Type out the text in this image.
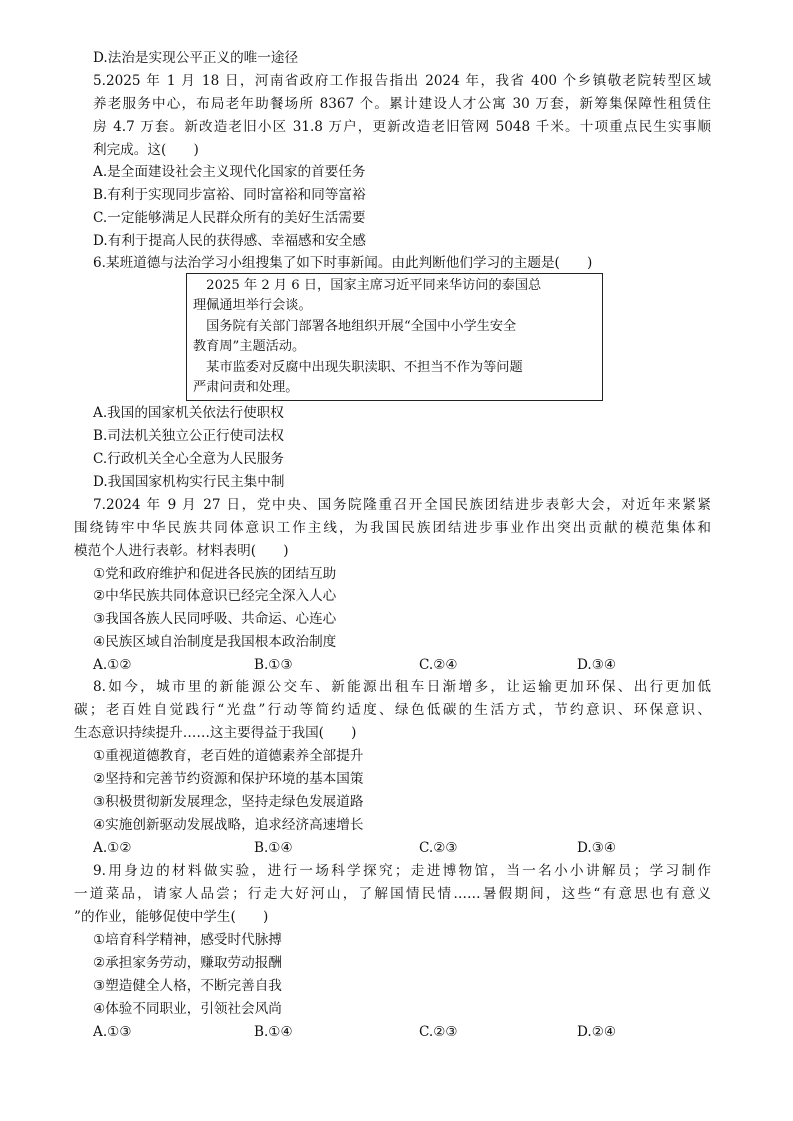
D.法治是实现公平正义的唯一途径
5.2025 年 1 月 18 日，河南省政府工作报告指出 2024 年，我省 400 个乡镇敬老院转型区域
养老服务中心，布局老年助餐场所 8367 个。累计建设人才公寓 30 万套，新筹集保障性租赁住
房 4.7 万套。新改造老旧小区 31.8 万户，更新改造老旧管网 5048 千米。十项重点民生实事顺
利完成。这(　　)
A.是全面建设社会主义现代化国家的首要任务
B.有利于实现同步富裕、同时富裕和同等富裕
C.一定能够满足人民群众所有的美好生活需要
D.有利于提高人民的获得感、幸福感和安全感
6.某班道德与法治学习小组搜集了如下时事新闻。由此判断他们学习的主题是(　　)
　2025 年 2 月 6 日，国家主席习近平同来华访问的泰国总
理佩通坦举行会谈。
　国务院有关部门部署各地组织开展“全国中小学生安全
教育周”主题活动。
　某市监委对反腐中出现失职渎职、不担当不作为等问题
严肃问责和处理。
A.我国的国家机关依法行使职权
B.司法机关独立公正行使司法权
C.行政机关全心全意为人民服务
D.我国国家机构实行民主集中制
7.2024 年 9 月 27 日，党中央、国务院隆重召开全国民族团结进步表彰大会，对近年来紧紧
围绕铸牢中华民族共同体意识工作主线，为我国民族团结进步事业作出突出贡献的模范集体和
模范个人进行表彰。材料表明(　　)
①党和政府维护和促进各民族的团结互助
②中华民族共同体意识已经完全深入人心
③我国各族人民同呼吸、共命运、心连心
④民族区域自治制度是我国根本政治制度
A.①②	B.①③	C.②④	D.③④
8.如今，城市里的新能源公交车、新能源出租车日渐增多，让运输更加环保、出行更加低
碳；老百姓自觉践行“光盘”行动等简约适度、绿色低碳的生活方式，节约意识、环保意识、
生态意识持续提升……这主要得益于我国(　　)
①重视道德教育，老百姓的道德素养全部提升
②坚持和完善节约资源和保护环境的基本国策
③积极贯彻新发展理念，坚持走绿色发展道路
④实施创新驱动发展战略，追求经济高速增长
A.①②	B.①④	C.②③	D.③④
9.用身边的材料做实验，进行一场科学探究；走进博物馆，当一名小小讲解员；学习制作
一道菜品，请家人品尝；行走大好河山，了解国情民情……暑假期间，这些“有意思也有意义
”的作业，能够促使中学生(　　)
①培育科学精神，感受时代脉搏
②承担家务劳动，赚取劳动报酬
③塑造健全人格，不断完善自我
④体验不同职业，引领社会风尚
A.①③	B.①④	C.②③	D.②④
